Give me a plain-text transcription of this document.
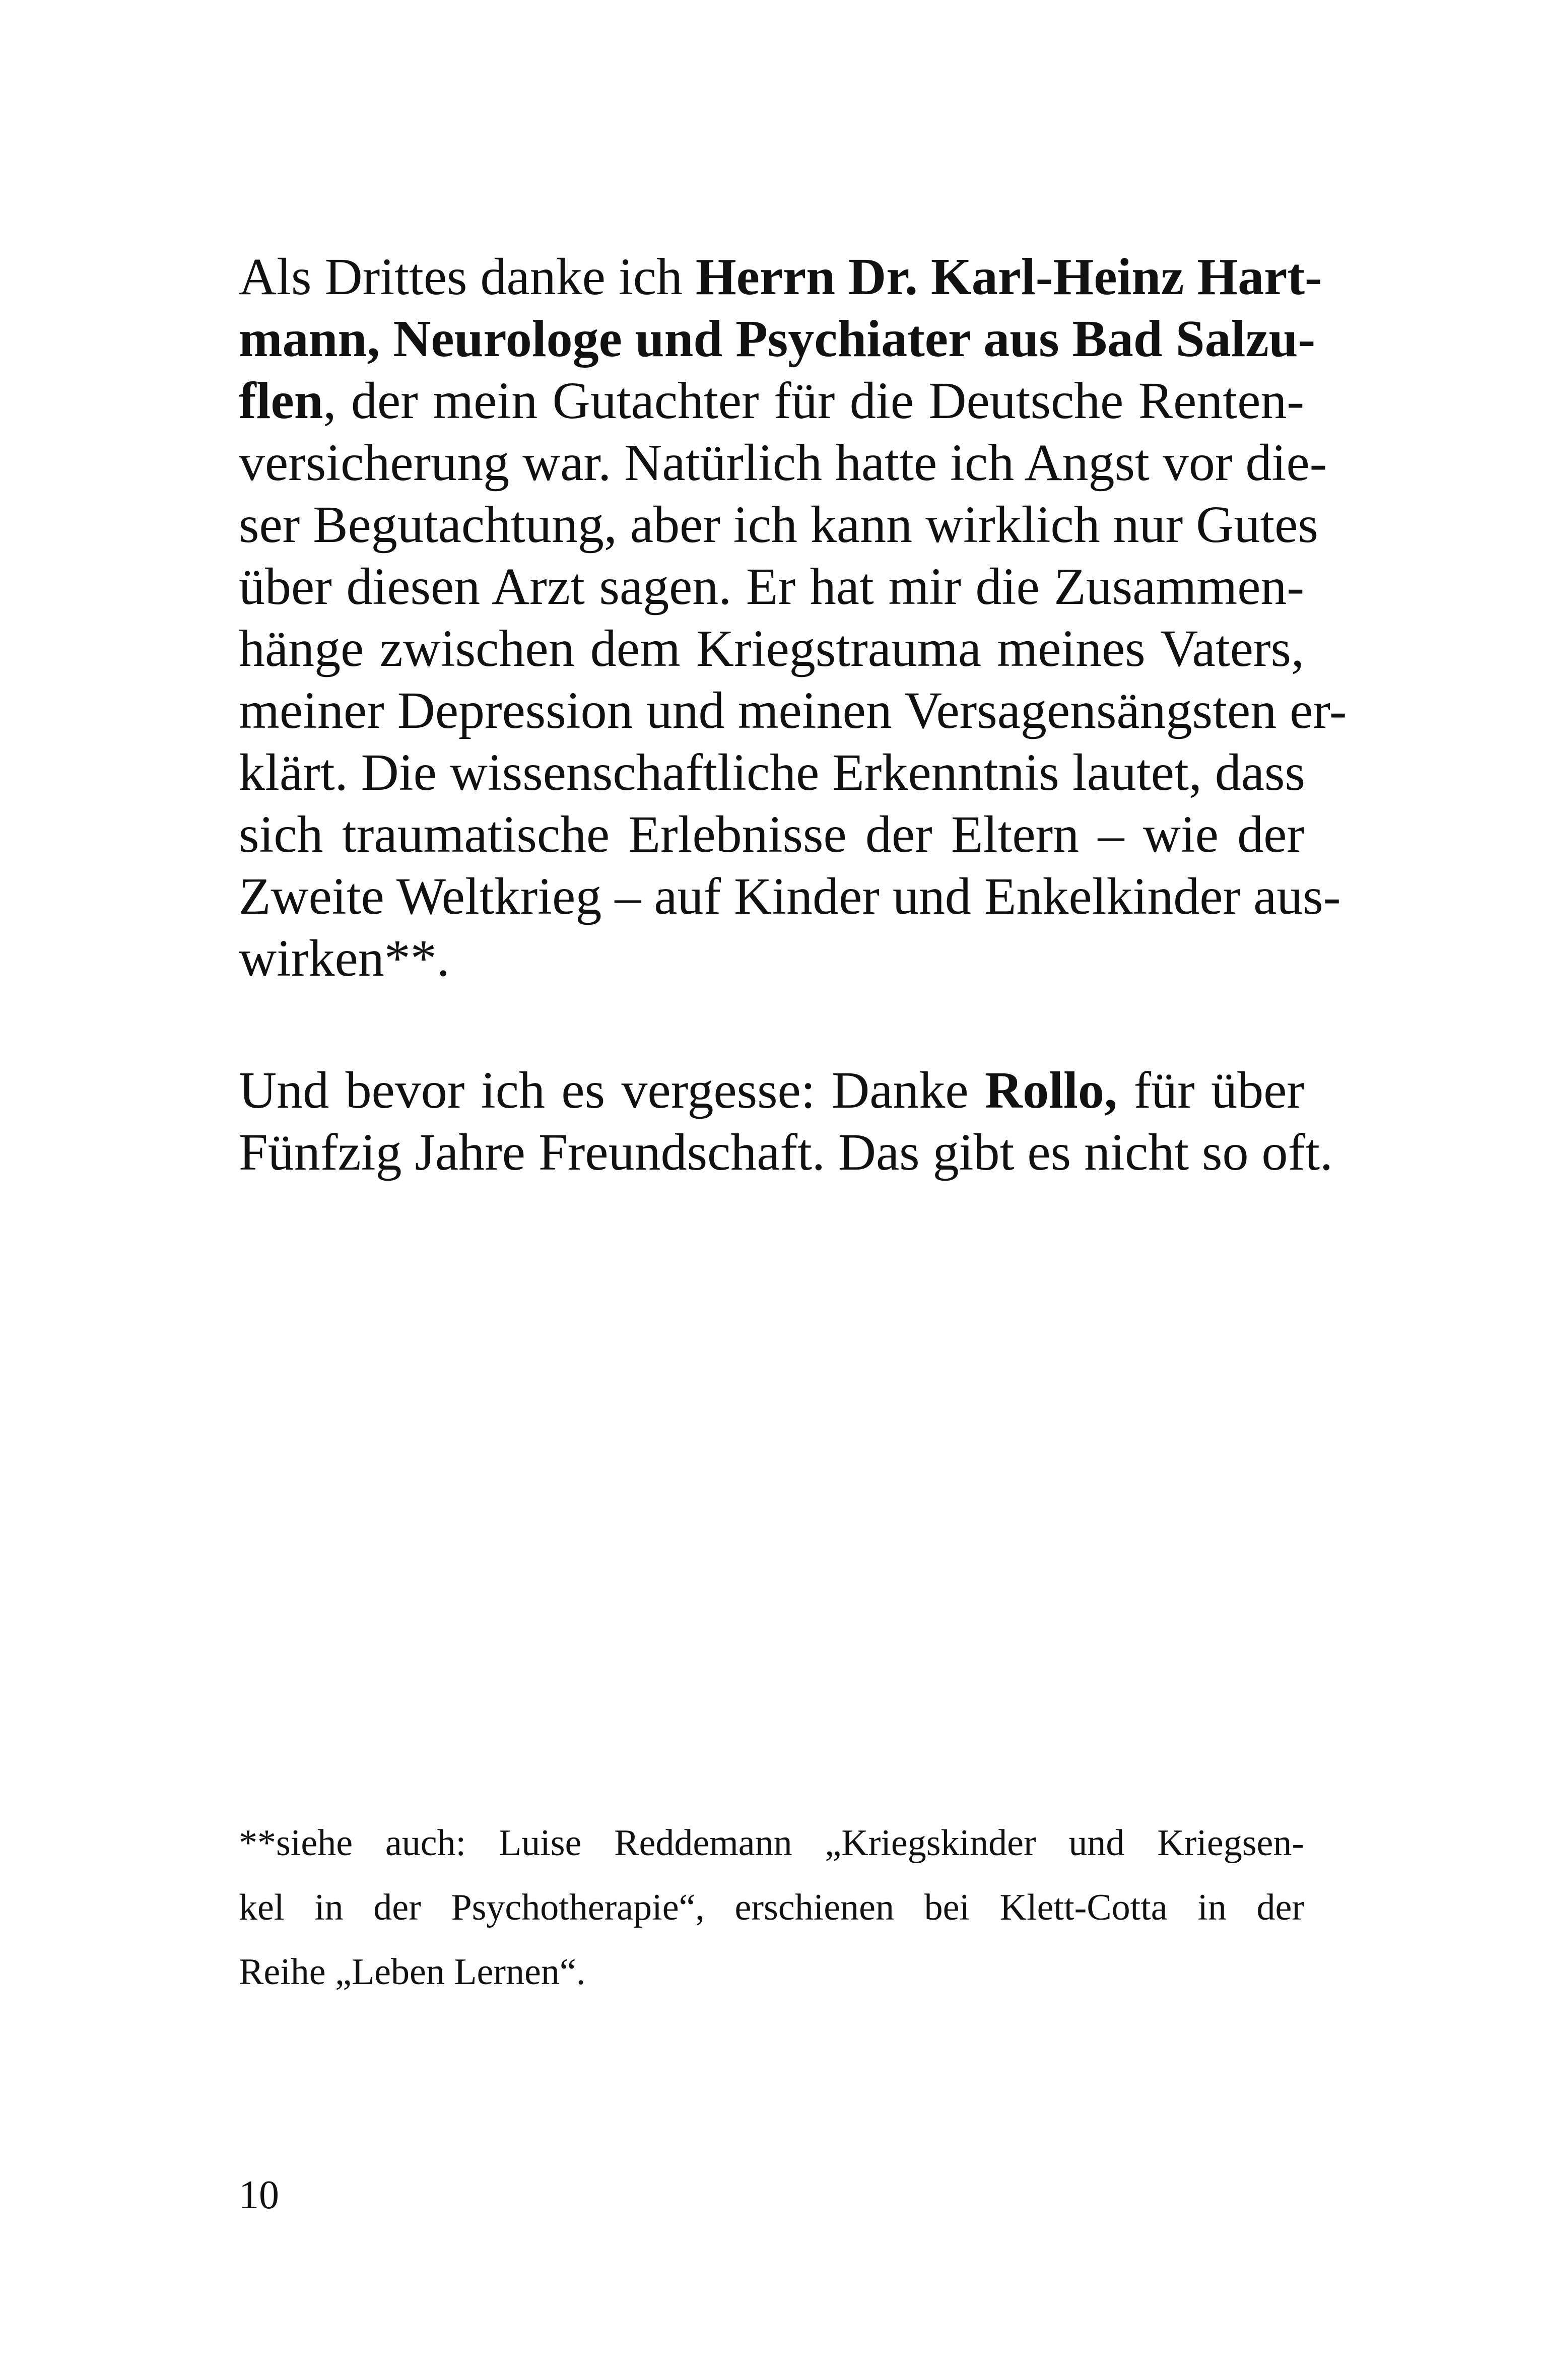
Als Drittes danke ich Herrn Dr. Karl-Heinz Hart-
mann, Neurologe und Psychiater aus Bad Salzu-
flen, der mein Gutachter für die Deutsche Renten-
versicherung war. Natürlich hatte ich Angst vor die-
ser Begutachtung, aber ich kann wirklich nur Gutes
über diesen Arzt sagen. Er hat mir die Zusammen-
hänge zwischen dem Kriegstrauma meines Vaters,
meiner Depression und meinen Versagensängsten er-
klärt. Die wissenschaftliche Erkenntnis lautet, dass
sich traumatische Erlebnisse der Eltern – wie der
Zweite Weltkrieg – auf Kinder und Enkelkinder aus-
wirken**.

Und bevor ich es vergesse: Danke Rollo, für über
Fünfzig Jahre Freundschaft. Das gibt es nicht so oft.

**siehe auch: Luise Reddemann „Kriegskinder und Kriegsen-
kel in der Psychotherapie“, erschienen bei Klett-Cotta in der
Reihe „Leben Lernen“.

10
